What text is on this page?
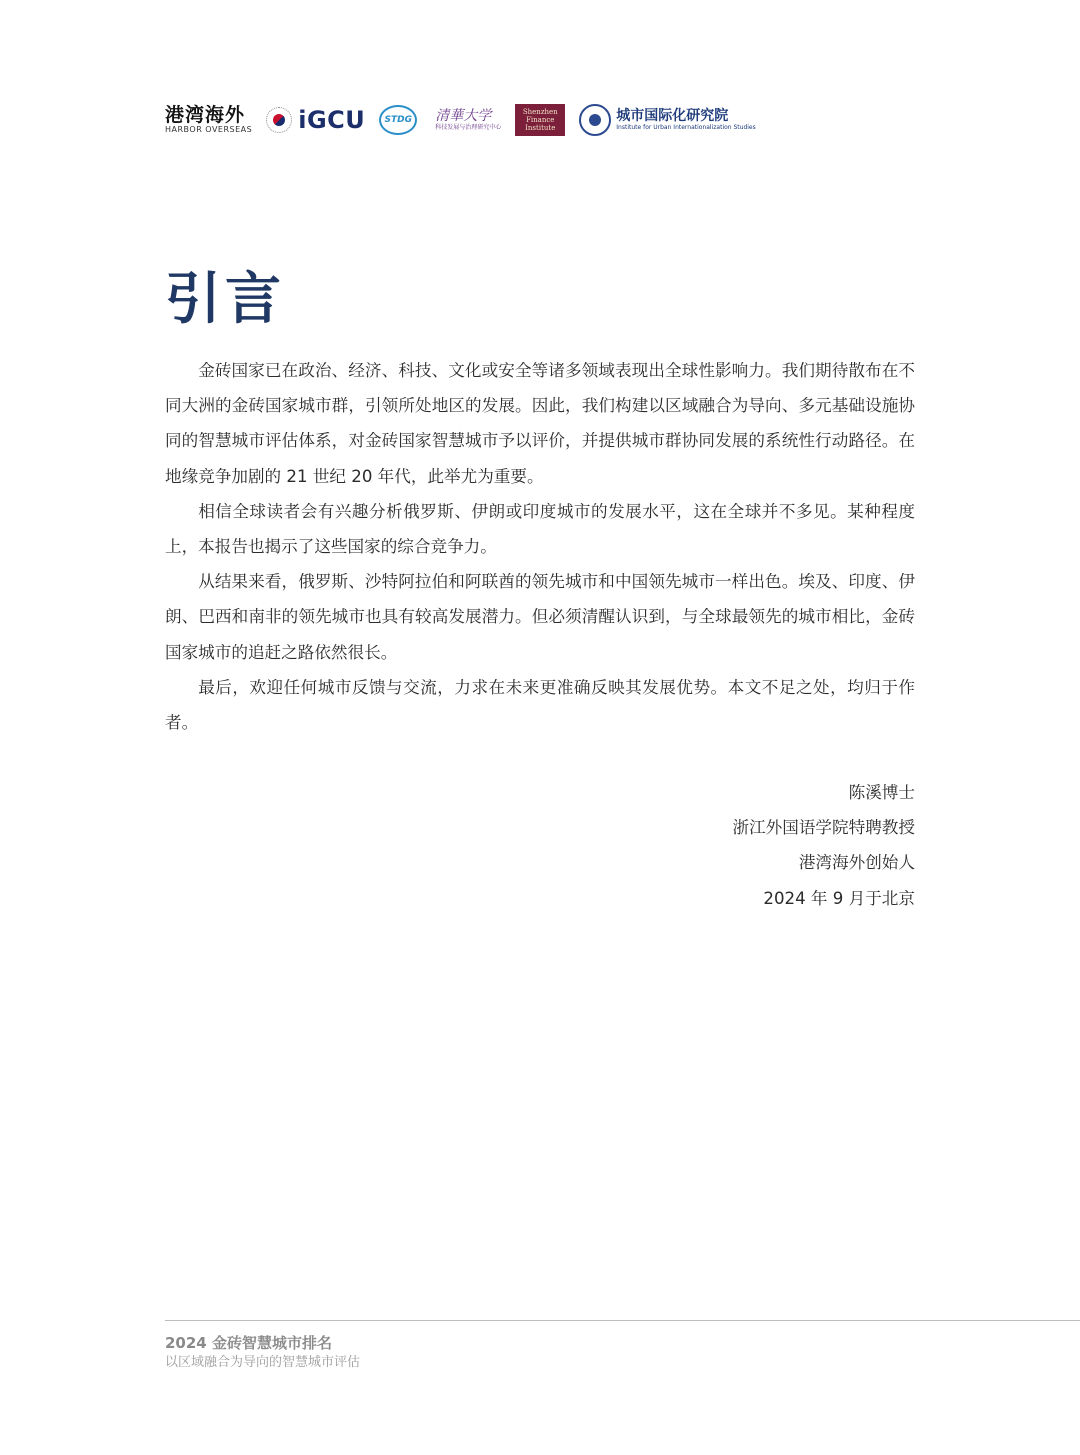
港湾海外
HARBOR OVERSEAS iGCU	STDG	清華大学
科技发展与治理研究中心
Shenzhen
Finance
Institute
城市国际化研究院
Institute for Urban Internationalization Studies
引言

金砖国家已在政治、经济、科技、文化或安全等诸多领域表现出全球性影响力。我们期待散布在不同大洲的金砖国家城市群，引领所处地区的发展。因此，我们构建以区域融合为导向、多元基础设施协同的智慧城市评估体系，对金砖国家智慧城市予以评价，并提供城市群协同发展的系统性行动路径。在地缘竞争加剧的 21 世纪 20 年代，此举尤为重要。

相信全球读者会有兴趣分析俄罗斯、伊朗或印度城市的发展水平，这在全球并不多见。某种程度上，本报告也揭示了这些国家的综合竞争力。

从结果来看，俄罗斯、沙特阿拉伯和阿联酋的领先城市和中国领先城市一样出色。埃及、印度、伊朗、巴西和南非的领先城市也具有较高发展潜力。但必须清醒认识到，与全球最领先的城市相比，金砖国家城市的追赶之路依然很长。

最后，欢迎任何城市反馈与交流，力求在未来更准确反映其发展优势。本文不足之处，均归于作者。

陈溪博士
浙江外国语学院特聘教授
港湾海外创始人
2024 年 9 月于北京
2024 金砖智慧城市排名
以区域融合为导向的智慧城市评估
